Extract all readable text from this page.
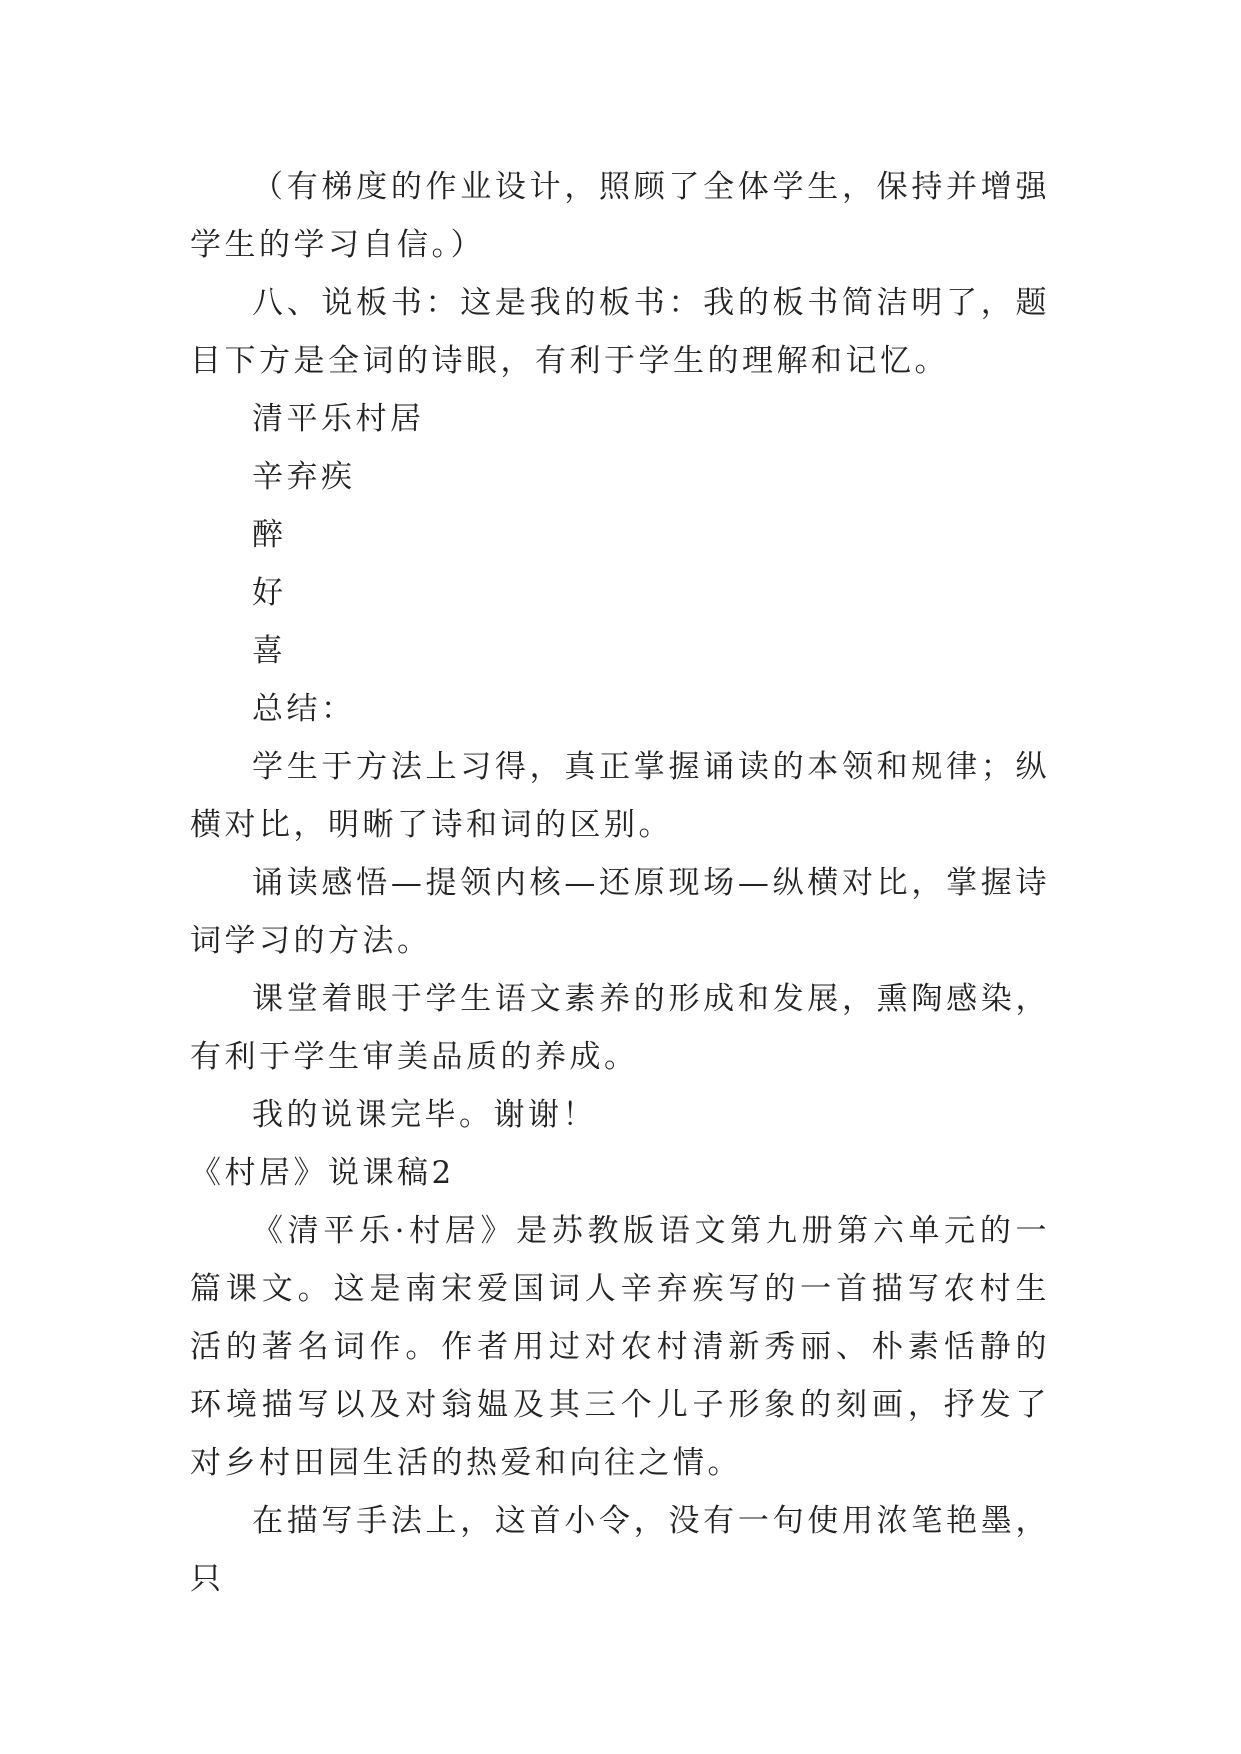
（有梯度的作业设计，照顾了全体学生，保持并增强学生的学习自信。）

八、说板书：这是我的板书：我的板书简洁明了，题目下方是全词的诗眼，有利于学生的理解和记忆。

清平乐村居

辛弃疾

醉

好

喜

总结：

学生于方法上习得，真正掌握诵读的本领和规律；纵横对比，明晰了诗和词的区别。

诵读感悟—提领内核—还原现场—纵横对比，掌握诗词学习的方法。

课堂着眼于学生语文素养的形成和发展，熏陶感染，有利于学生审美品质的养成。

我的说课完毕。谢谢！

《村居》说课稿2

《清平乐·村居》是苏教版语文第九册第六单元的一篇课文。这是南宋爱国词人辛弃疾写的一首描写农村生活的著名词作。作者用过对农村清新秀丽、朴素恬静的环境描写以及对翁媪及其三个儿子形象的刻画，抒发了对乡村田园生活的热爱和向往之情。

在描写手法上，这首小令，没有一句使用浓笔艳墨，只
